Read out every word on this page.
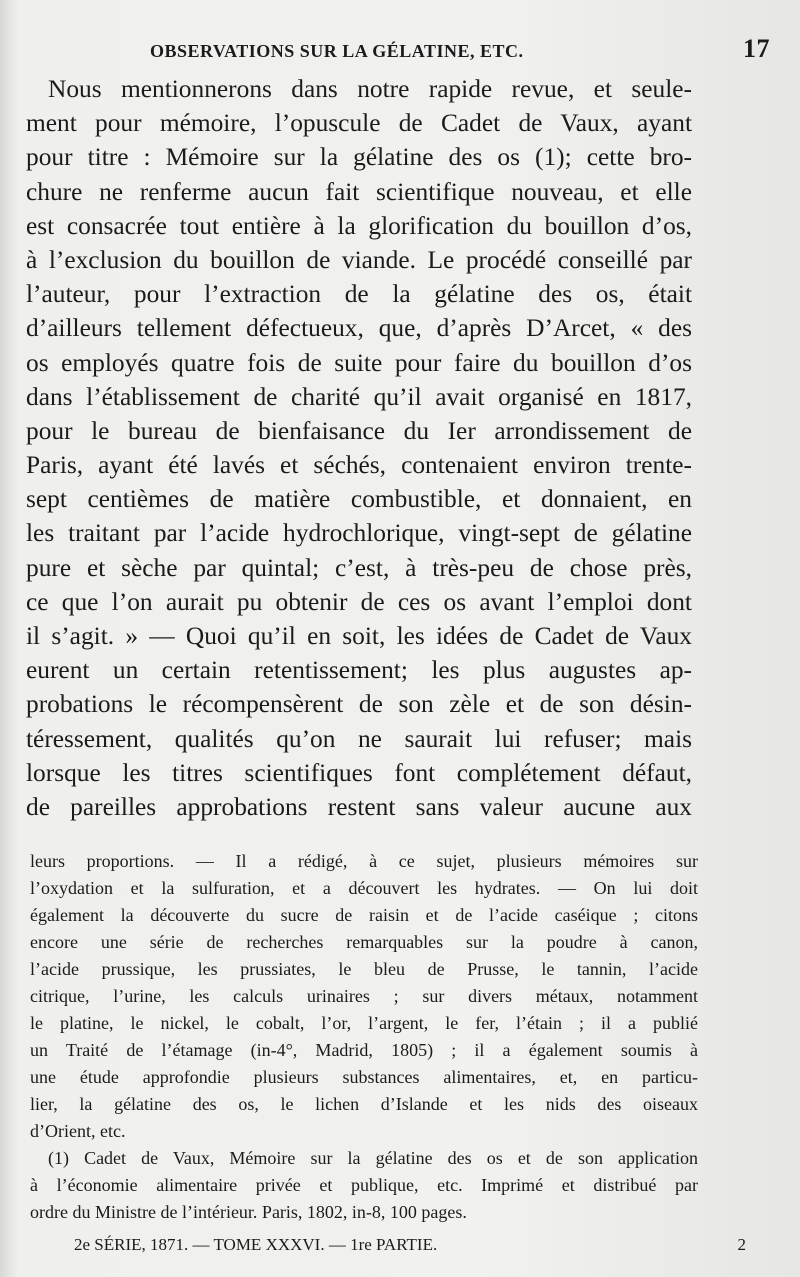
OBSERVATIONS SUR LA GÉLATINE, ETC.	17
Nous mentionnerons dans notre rapide revue, et seule-
ment pour mémoire, l’opuscule de Cadet de Vaux, ayant
pour titre : Mémoire sur la gélatine des os (1); cette bro-
chure ne renferme aucun fait scientifique nouveau, et elle
est consacrée tout entière à la glorification du bouillon d’os,
à l’exclusion du bouillon de viande. Le procédé conseillé par
l’auteur, pour l’extraction de la gélatine des os, était
d’ailleurs tellement défectueux, que, d’après D’Arcet, « des
os employés quatre fois de suite pour faire du bouillon d’os
dans l’établissement de charité qu’il avait organisé en 1817,
pour le bureau de bienfaisance du Ier arrondissement de
Paris, ayant été lavés et séchés, contenaient environ trente-
sept centièmes de matière combustible, et donnaient, en
les traitant par l’acide hydrochlorique, vingt-sept de gélatine
pure et sèche par quintal; c’est, à très-peu de chose près,
ce que l’on aurait pu obtenir de ces os avant l’emploi dont
il s’agit. » — Quoi qu’il en soit, les idées de Cadet de Vaux
eurent un certain retentissement; les plus augustes ap-
probations le récompensèrent de son zèle et de son désin-
téressement, qualités qu’on ne saurait lui refuser; mais
lorsque les titres scientifiques font complétement défaut,
de pareilles approbations restent sans valeur aucune aux
leurs proportions. — Il a rédigé, à ce sujet, plusieurs mémoires sur
l’oxydation et la sulfuration, et a découvert les hydrates. — On lui doit
également la découverte du sucre de raisin et de l’acide caséique ; citons
encore une série de recherches remarquables sur la poudre à canon,
l’acide prussique, les prussiates, le bleu de Prusse, le tannin, l’acide
citrique, l’urine, les calculs urinaires ; sur divers métaux, notamment
le platine, le nickel, le cobalt, l’or, l’argent, le fer, l’étain ; il a publié
un Traité de l’étamage (in-4°, Madrid, 1805) ; il a également soumis à
une étude approfondie plusieurs substances alimentaires, et, en particu-
lier, la gélatine des os, le lichen d’Islande et les nids des oiseaux
d’Orient, etc.
(1) Cadet de Vaux, Mémoire sur la gélatine des os et de son application
à l’économie alimentaire privée et publique, etc. Imprimé et distribué par
ordre du Ministre de l’intérieur. Paris, 1802, in-8, 100 pages.
2e SÉRIE, 1871. — TOME XXXVI. — 1re PARTIE.	2
